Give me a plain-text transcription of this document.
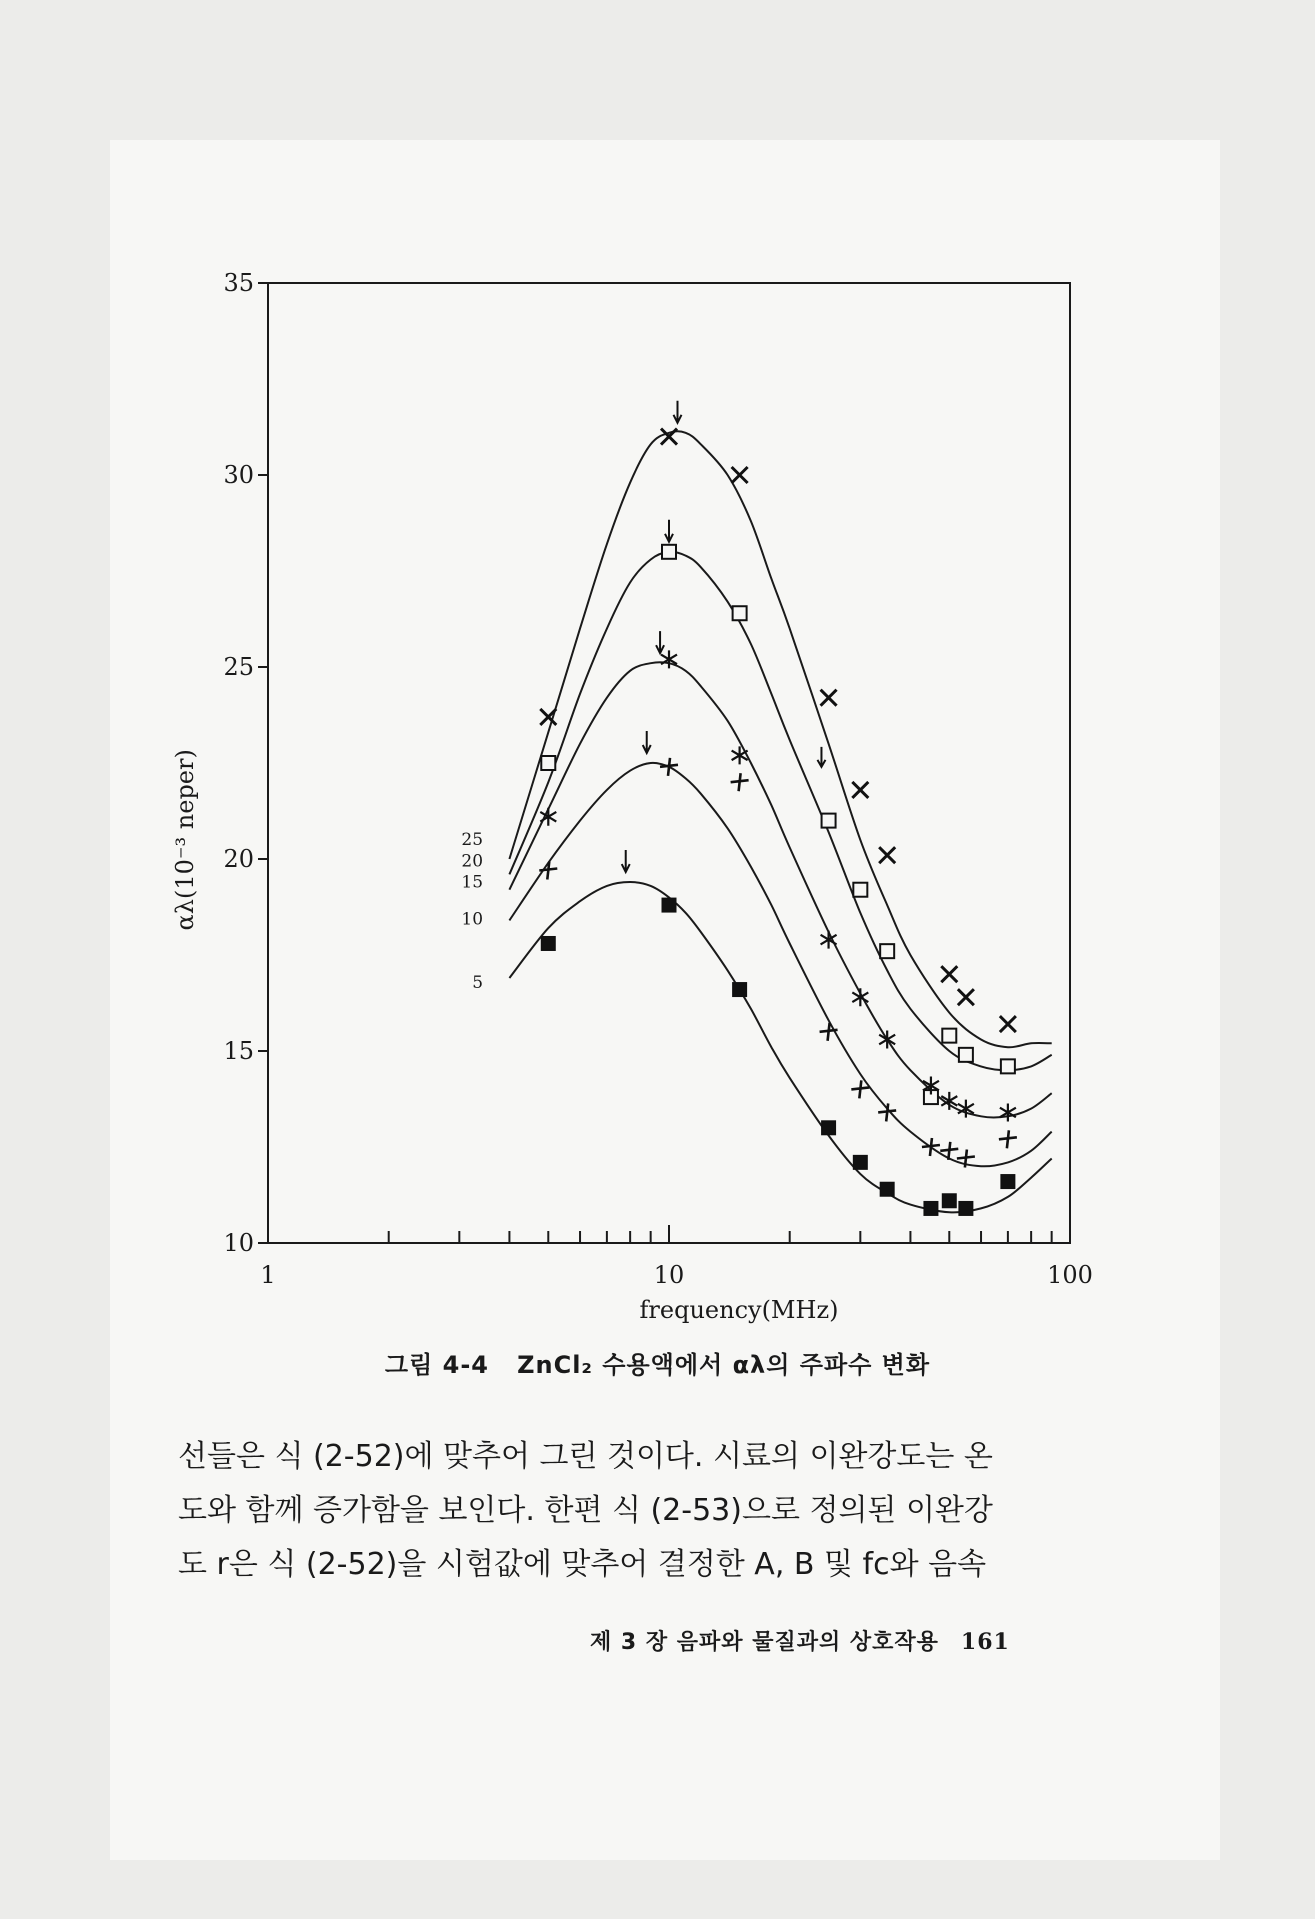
1	10	100
10
15
20
25
30
35
frequency(MHz)
αλ(10⁻³ neper)	25
20
15
10
5
그림 4-4 ZnCl₂ 수용액에서 αλ의 주파수 변화

선들은 식 (2-52)에 맞추어 그린 것이다. 시료의 이완강도는 온

도와 함께 증가함을 보인다. 한편 식 (2-53)으로 정의된 이완강

도 r은 식 (2-52)을 시험값에 맞추어 결정한 A, B 및 fc와 음속

제 3 장 음파와 물질과의 상호작용 161
